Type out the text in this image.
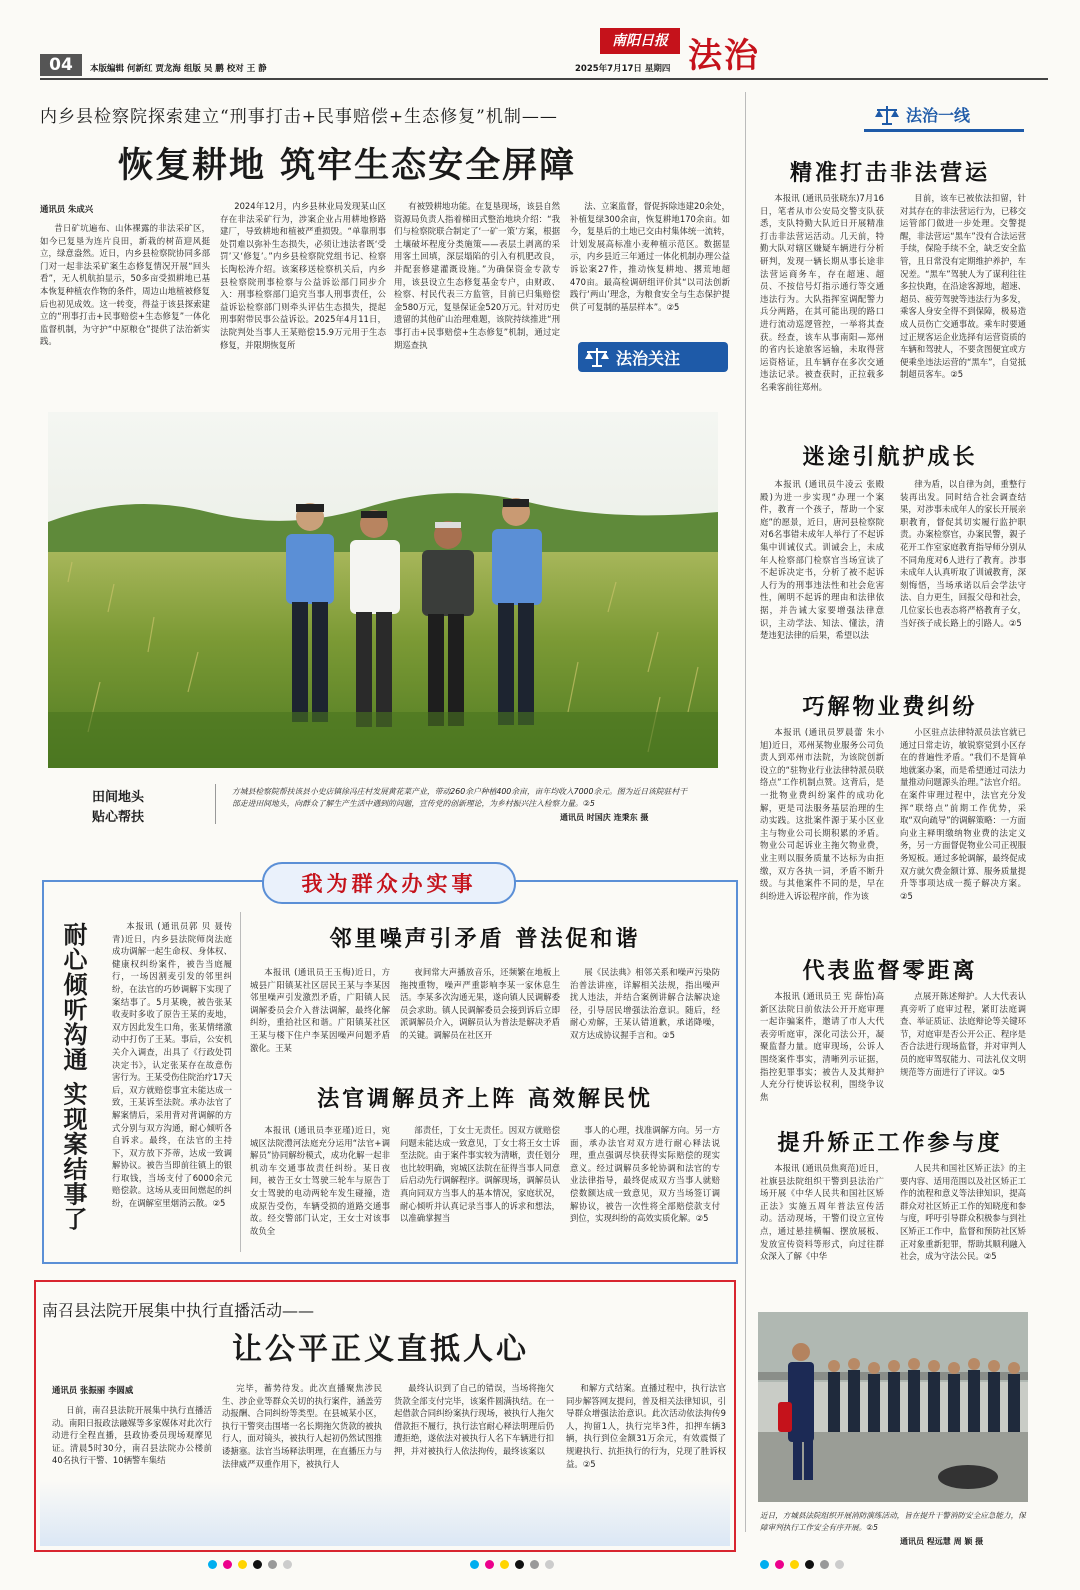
04	本版编辑 何新红 贾龙海 组版 吴 鹏 校对 王 静	2025年7月17日 星期四
南阳日报 法治
内乡县检察院探索建立“刑事打击+民事赔偿+生态修复”机制——
恢复耕地 筑牢生态安全屏障
通讯员 朱成兴

昔日矿坑遍布、山体裸露的非法采矿区，如今已复垦为连片良田，新栽的树苗迎风挺立，绿意盎然。近日，内乡县检察院协同多部门对一起非法采矿案生态修复情况开展“回头看”，无人机航拍显示，50多亩受损耕地已基本恢复种植农作物的条件，周边山地植被修复后也初见成效。这一转变，得益于该县探索建立的“刑事打击+民事赔偿+生态修复”一体化监督机制，为守护“中原粮仓”提供了法治新实践。

2024年12月，内乡县林业局发现某山区存在非法采矿行为，涉案企业占用耕地修路建厂，导致耕地和植被严重损毁。“单靠刑事处罚难以弥补生态损失，必须让违法者既‘受罚’又‘修复’。”内乡县检察院党组书记、检察长陶松涛介绍。该案移送检察机关后，内乡县检察院刑事检察与公益诉讼部门同步介入：刑事检察部门追究当事人刑事责任，公益诉讼检察部门则牵头评估生态损失，提起刑事附带民事公益诉讼。2025年4月11日，法院判处当事人王某赔偿15.9万元用于生态修复，并限期恢复所

有被毁耕地功能。在复垦现场，该县自然资源局负责人指着梯田式整治地块介绍：“我们与检察院联合制定了‘一矿一策’方案，根据土壤破坏程度分类施策——表层土剥离的采用客土回填，深层塌陷的引入有机肥改良，并配套修建灌溉设施。”为确保资金专款专用，该县设立生态修复基金专户，由财政、检察、村民代表三方监管，目前已归集赔偿金580万元，复垦保证金520万元。针对历史遗留的其他矿山治理难题，该院持续推进“刑事打击+民事赔偿+生态修复”机制，通过定期巡查执

法、立案监督，督促拆除违建20余处，补植复绿300余亩，恢复耕地170余亩。如今，复垦后的土地已交由村集体统一流转，计划发展高标准小麦种植示范区。数据显示，内乡县近三年通过一体化机制办理公益诉讼案27件，推动恢复耕地、撂荒地超470亩。最高检调研组评价其“以司法创新践行‘两山’理念，为粮食安全与生态保护提供了可复制的基层样本”。②5

法治关注
田间地头
贴心帮扶
方城县检察院帮扶该县小史店镇徐冯庄村发展黄花菜产业，带动260余户种植400余亩，亩年均收入7000余元。图为近日该院驻村干部走进田间地头，向群众了解生产生活中遇到的问题，宣传党的创新理论，为乡村振兴注入检察力量。②5
通讯员 时国庆 连秉东 摄
法治一线
精准打击非法营运

本报讯 (通讯员张晓东)7月16日，笔者从市公安局交警支队获悉，支队特勤大队近日开展精准打击非法营运活动。几天前，特勤大队对辖区嫌疑车辆进行分析研判，发现一辆长期从事长途非法营运商务车，存在超速、超员、不按信号灯指示通行等交通违法行为。大队指挥室调配警力兵分两路，在其可能出现的路口进行流动巡逻管控，一举将其查获。经查，该车从事南阳—郑州的省内长途旅客运输，未取得营运资格证，且车辆存在多次交通违法记录。被查获时，正拉载多名乘客前往郑州。

目前，该车已被依法扣留，针对其存在的非法营运行为，已移交运管部门做进一步处理。交警提醒，非法营运“黑车”没有合法运营手续，保险手续不全，缺乏安全监管，且日常没有定期维护养护，车况差。“黑车”驾驶人为了谋利往往多拉快跑，在沿途客源地，超速、超员、疲劳驾驶等违法行为多发，乘客人身安全得不到保障，极易造成人员伤亡交通事故。乘车时要通过正规客运企业选择有运营资质的车辆和驾驶人，不要贪图便宜或方便乘坐违法运营的“黑车”，自觉抵制超员客车。②5

迷途引航护成长

本报讯 (通讯员牛凌云 张殿殿)为进一步实现“办理一个案件，教育一个孩子，帮助一个家庭”的愿景，近日，唐河县检察院对6名事错未成年人举行了不起诉集中训诫仪式。训诫会上，未成年人检察部门检察官当场宣读了不起诉决定书，分析了被不起诉人行为的刑事违法性和社会危害性，阐明不起诉的理由和法律依据，并告诫大家要增强法律意识，主动学法、知法、懂法，清楚违犯法律的后果，希望以法

律为盾，以自律为剑，重整行装再出发。同时结合社会调查结果，对涉事未成年人的家长开展亲职教育，督促其切实履行监护职责。办案检察官，办案民警，親子花开工作室家庭教育指导师分别从不同角度对6人进行了教育。涉事未成年人认真听取了训诫教育，深刻悔悟，当场承诺以后会学法守法、自力更生，回报父母和社会，几位家长也表态将严格教育子女，当好孩子成长路上的引路人。②5

巧解物业费纠纷

本报讯 (通讯员罗晨蕾 朱小旭)近日，邓州某物业服务公司负责人到邓州市法院，为该院创新设立的“驻物业行业法律特派员联络点”工作机制点赞。这背后，是一批物业费纠纷案件的成功化解，更是司法服务基层治理的生动实践。这批案件源于某小区业主与物业公司长期积累的矛盾。物业公司起诉业主拖欠物业费，业主则以服务质量不达标为由拒缴，双方各执一词，矛盾不断升级。与其他案件不同的是，早在纠纷进入诉讼程序前，作为该

小区驻点法律特派员法官就已通过日常走访，敏锐察觉到小区存在的普遍性矛盾。“我们不是简单地就案办案，而是希望通过司法力量推动问题源头治理。”法官介绍。在案件审理过程中，法官充分发挥“联络点”前期工作优势，采取“双向疏导”的调解策略：一方面向业主释明缴纳物业费的法定义务，另一方面督促物业公司正视服务短板。通过多轮调解，最终促成双方就欠费金额计算、服务质量提升等事项达成一揽子解决方案。②5

代表监督零距离

本报讯 (通讯员王 宪 薛怡)高新区法院日前依法公开开庭审理一起诈骗案件，邀请了市人大代表旁听庭审，深化司法公开，凝聚监督力量。庭审现场，公诉人围绕案件事实，清晰列示证据，指控犯罪事实；被告人及其辩护人充分行使诉讼权利，围绕争议焦

点展开陈述辩护。人大代表认真旁听了庭审过程，紧盯法庭调查、举证质证、法庭辩论等关键环节，对庭审是否公开公正、程序是否合法进行现场监督，并对审判人员的庭审驾驭能力、司法礼仪文明规范等方面进行了评议。②5

提升矫正工作参与度

本报讯 (通讯员焦爽范)近日，社旗县法院组织干警到县法治广场开展《中华人民共和国社区矫正法》实施五周年普法宣传活动。活动现场，干警们设立宣传点，通过悬挂横幅、摆放展板、发放宣传资料等形式，向过往群众深入了解《中华

人民共和国社区矫正法》的主要内容、适用范围以及社区矫正工作的流程和意义等法律知识，提高群众对社区矫正工作的知晓度和参与度，呼吁引导群众积极参与到社区矫正工作中，监督和预防社区矫正对象重新犯罪，帮助其顺利融入社会，成为守法公民。②5

近日，方城县法院组织开展消防演练活动，旨在提升干警消防安全应急能力，保障审判执行工作安全有序开展。②5
通讯员 程远慧 周 颖 摄
我为群众办实事
耐心倾听沟通 实现案结事了	本报讯 (通讯员郭 贝 聂传青)近日，内乡县法院师岗法庭成功调解一起生命权、身体权、健康权纠纷案件，被告当庭履行，一场因割麦引发的邻里纠纷，在法官的巧妙调解下实现了案结事了。5月某晚，被告张某收麦时多收了原告王某的麦地，双方因此发生口角，张某情绪激动中打伤了王某。事后，公安机关介入调查，出具了《行政处罚决定书》，认定张某存在故意伤害行为。王某受伤住院治疗17天后，双方就赔偿事宜未能达成一致，王某诉至法院。承办法官了解案情后，采用背对背调解的方式分别与双方沟通，耐心倾听各自诉求。最终，在法官的主持下，双方放下芥蒂，达成一致调解协议。被告当即前往镇上的银行取钱，当场支付了6000余元赔偿款。这场从麦田间燃起的纠纷，在调解室里烟消云散。②5

邻里噪声引矛盾 普法促和谐

本报讯 (通讯员王玉梅)近日，方城县广阳镇某社区居民王某与李某因邻里噪声引发激烈矛盾，广阳镇人民调解委员会介入普法调解，最终化解纠纷，重拾社区和谐。广阳镇某社区王某与楼下住户李某因噪声问题矛盾激化。王某

夜间常大声播放音乐，还频繁在地板上拖拽重物，噪声严重影响李某一家休息生活。李某多次沟通无果，遂向镇人民调解委员会求助。镇人民调解委员会接到诉后立即派调解员介入，调解员认为普法是解决矛盾的关键。调解员在社区开

展《民法典》相邻关系和噪声污染防治普法讲座，详解相关法规，指出噪声扰人违法，并结合案例讲解合法解决途径，引导居民增强法治意识。随后，经耐心劝解，王某认错道歉，承诺降噪，双方达成协议握手言和。②5

法官调解员齐上阵 高效解民忧

本报讯 (通讯员李亚瑾)近日，宛城区法院澧河法庭充分运用“法官+调解员”协同解纷模式，成功化解一起非机动车交通事故责任纠纷。某日夜间，被告王女士驾驶三轮车与原告丁女士驾驶的电动两轮车发生碰撞，造成原告受伤，车辆受损的道路交通事故。经交警部门认定，王女士对该事故负全

部责任，丁女士无责任。因双方就赔偿问题未能达成一致意见，丁女士将王女士诉至法院。由于案件事实较为清晰，责任划分也比较明确，宛城区法院在征得当事人同意后启动先行调解程序。调解现场，调解员认真向同双方当事人的基本情况，家庭状况，耐心倾听并认真记录当事人的诉求和想法，以准确掌握当

事人的心理，找准调解方向。另一方面，承办法官对双方进行耐心释法说理，重点强调尽快获得实际赔偿的现实意义。经过调解员多轮协调和法官的专业法律指导，最终促成双方当事人就赔偿数额达成一致意见，双方当场签订调解协议，被告一次性将全部赔偿款支付到位，实现纠纷的高效实质化解。②5

南召县法院开展集中执行直播活动——
让公平正义直抵人心
通讯员 张振丽 李圆威

日前，南召县法院开展集中执行直播活动。南阳日报政法融媒等多家媒体对此次行动进行全程直播，县政协委员现场观摩见证。清晨5时30分，南召县法院办公楼前40名执行干警、10辆警车集结

完毕，蓄势待发。此次直播聚焦涉民生、涉企业等群众关切的执行案件，涵盖劳动报酬、合同纠纷等类型。在县城某小区，执行干警突击围堵一名长期拖欠货款的被执行人，面对镜头，被执行人起初仍然试图推诿搪塞。法官当场释法明理，在直播压力与法律威严双重作用下，被执行人

最终认识到了自己的错误，当场将拖欠货款全部支付完毕，该案件圆满执结。在一起借款合同纠纷案执行现场，被执行人拖欠借款拒不履行，执行法官耐心释法明理后仍遭拒绝，遂依法对被执行人名下车辆进行扣押，并对被执行人依法拘传，最终该案以

和解方式结案。直播过程中，执行法官同步解答网友提问，普及相关法律知识，引导群众增强法治意识。此次活动依法拘传9人，拘留1人，执行完毕3件，扣押车辆3辆，执行到位金额31万余元，有效震慑了规避执行、抗拒执行的行为，兑现了胜诉权益。②5
